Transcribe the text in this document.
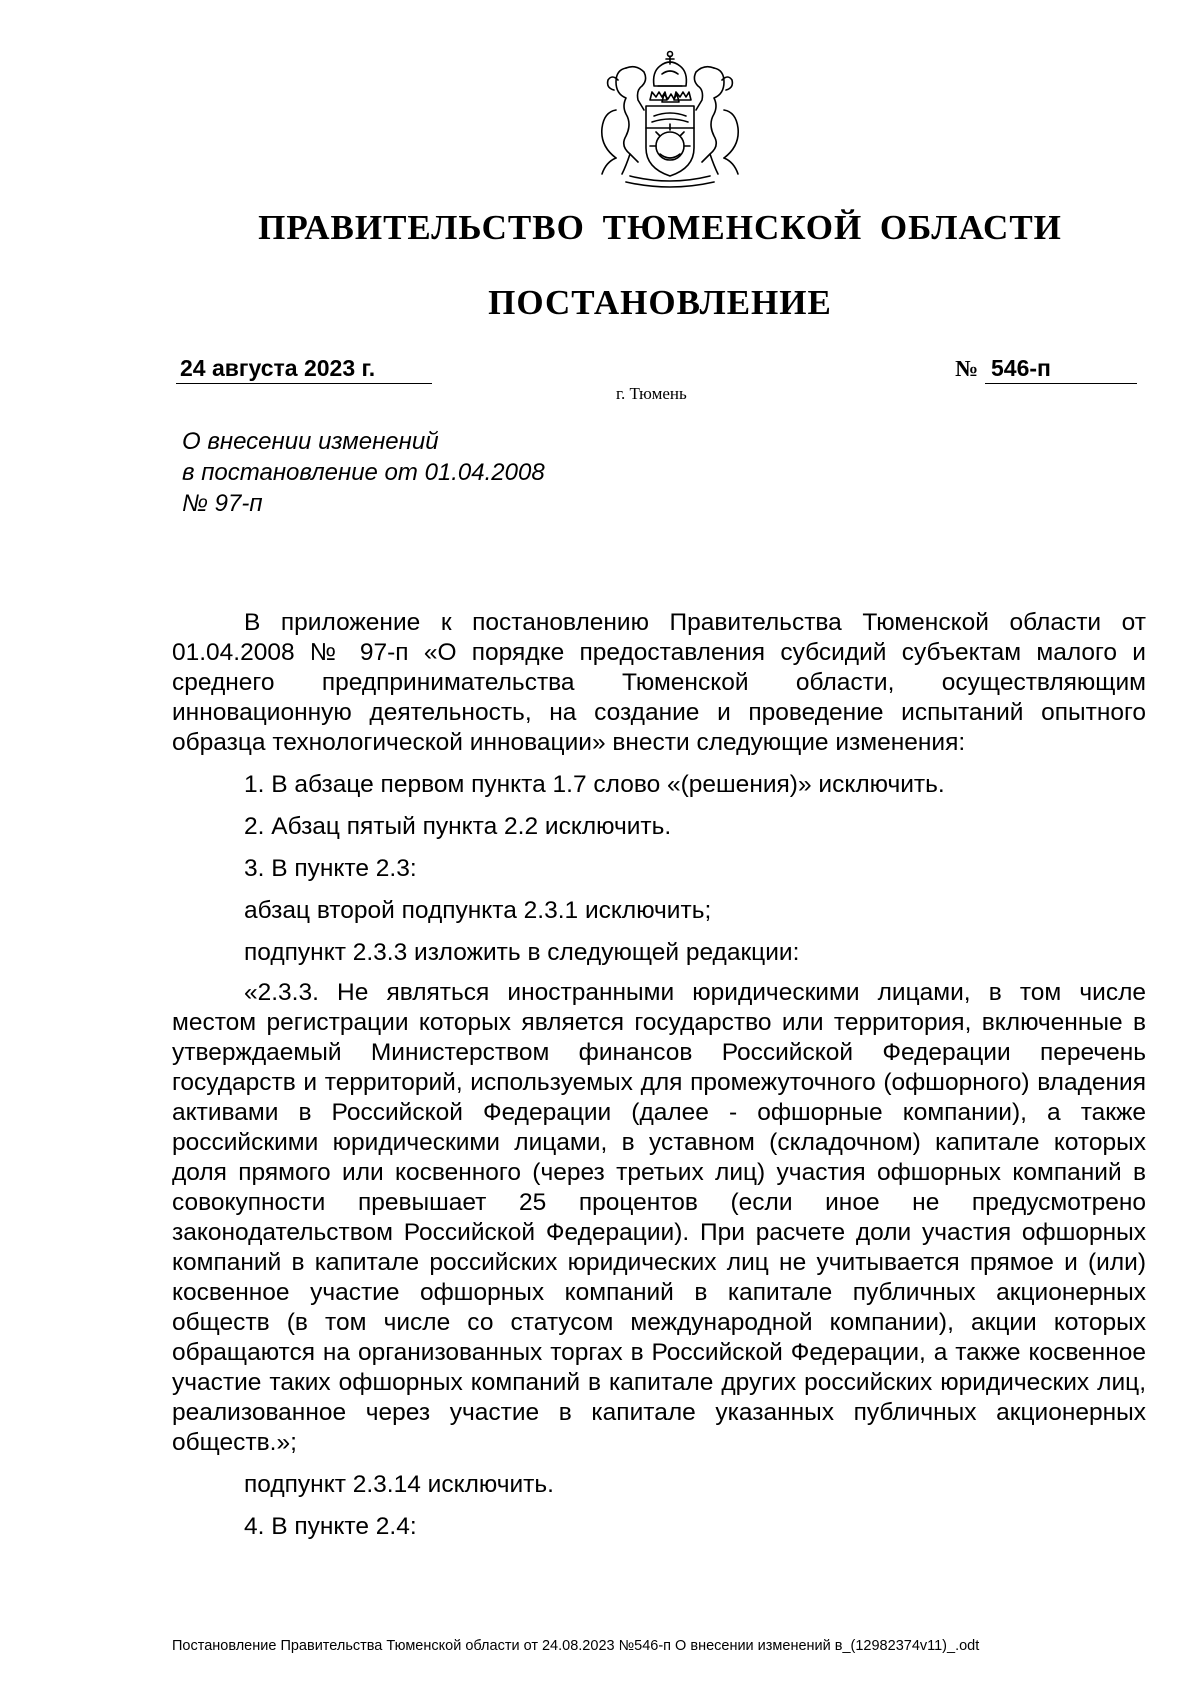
ПРАВИТЕЛЬСТВО ТЮМЕНСКОЙ ОБЛАСТИ
ПОСТАНОВЛЕНИЕ
24 августа 2023 г.	№ 546-п
г. Тюмень
О внесении изменений
в постановление от 01.04.2008
№ 97-п

В приложение к постановлению Правительства Тюменской области от 01.04.2008 № 97-п «О порядке предоставления субсидий субъектам малого и среднего предпринимательства Тюменской области, осуществляющим инновационную деятельность, на создание и проведение испытаний опытного образца технологической инновации» внести следующие изменения:

1. В абзаце первом пункта 1.7 слово «(решения)» исключить.

2. Абзац пятый пункта 2.2 исключить.

3. В пункте 2.3:

абзац второй подпункта 2.3.1 исключить;

подпункт 2.3.3 изложить в следующей редакции:

«2.3.3. Не являться иностранными юридическими лицами, в том числе местом регистрации которых является государство или территория, включенные в утверждаемый Министерством финансов Российской Федерации перечень государств и территорий, используемых для промежуточного (офшорного) владения активами в Российской Федерации (далее - офшорные компании), а также российскими юридическими лицами, в уставном (складочном) капитале которых доля прямого или косвенного (через третьих лиц) участия офшорных компаний в совокупности превышает 25 процентов (если иное не предусмотрено законодательством Российской Федерации). При расчете доли участия офшорных компаний в капитале российских юридических лиц не учитывается прямое и (или) косвенное участие офшорных компаний в капитале публичных акционерных обществ (в том числе со статусом международной компании), акции которых обращаются на организованных торгах в Российской Федерации, а также косвенное участие таких офшорных компаний в капитале других российских юридических лиц, реализованное через участие в капитале указанных публичных акционерных обществ.»;

подпункт 2.3.14 исключить.

4. В пункте 2.4:

Постановление Правительства Тюменской области от 24.08.2023 №546-п О внесении изменений в_(12982374v11)_.odt
